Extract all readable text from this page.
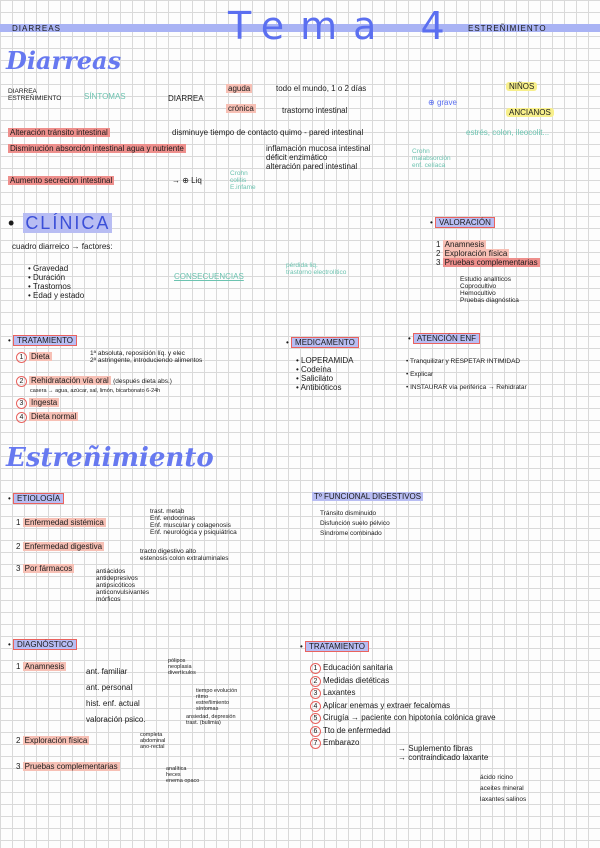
DIARREAS	Tema 4 ESTREÑIMIENTO
Diarreas
DIARREA ESTREÑIMIENTO	SÍNTOMAS	DIARREA
aguda	todo el mundo, 1 o 2 días
crónica	trastorno intestinal
⊕ grave
NIÑOS
ANCIANOS
Alteración tránsito intestinal	disminuye tiempo de contacto quimo - pared intestinal	estrés, colon, ileocolit...
Disminución absorción intestinal agua y nutriente	inflamación mucosa intestinal
déficit enzimático
alteración pared intestinal
Crohn
malabsorción
enf. celíaca
Aumento secreción intestinal	→ ⊕ Liq
Crohn
colitis
E.infame
• CLÍNICA
cuadro diarreico → factores:
• Gravedad
• Duración
• Trastornos
• Edad y estado
CONSECUENCIAS
pérdida liq.
trastorno electrolítico
• VALORACIÓN
1 Anamnesis
2 Exploración física
3 Pruebas complementarias
Estudio analíticos
Coprocultivo
Hemocultivo
Pruebas diagnóstica
• TRATAMIENTO
1 Dieta	1ª absoluta, reposición líq. y elec
2ª astringente, introduciendo alimentos
2 Rehidratación vía oral (después dieta abs.)
casera → agua, azúcar, sal, limón, bicarbonato 6-24h
3 Ingesta
4 Dieta normal
• MEDICAMENTO
• LOPERAMIDA
• Codeína
• Salicilato
• Antibióticos
• ATENCIÓN ENF
• Tranquilizar y RESPETAR INTIMIDAD
• Explicar
• INSTAURAR vía periférica → Rehidratar
Estreñimiento
• ETIOLOGÍA
1 Enfermedad sistémica
trast. metab
Enf. endocrinas
Enf. muscular y colagenosis
Enf. neurológica y psiquiátrica
2 Enfermedad digestiva
tracto digestivo alto
estenosis colon extraluminales
3 Por fármacos	antiácidos
antidepresivos
antipsicóticos
anticonvulsivantes
mórficos
Tº FUNCIONAL DIGESTIVOS
Tránsito disminuido
Disfunción suelo pélvico
Síndrome combinado
• DIAGNÓSTICO
1 Anamnesis
ant. familiar
ant. personal
hist. enf. actual
valoración psico.
pólipos
neoplasia
divertículos
tiempo evolución
ritmo
estreñimiento
síntomas
ansiedad, depresión
trast. (bulimia)
2 Exploración física
completa
abdominal
ano-rectal
3 Pruebas complementarias	analítica
heces
enema opaco
• TRATAMIENTO
1 Educación sanitaria
2 Medidas dietéticas
3 Laxantes
4 Aplicar enemas y extraer fecalomas
5 Cirugía → paciente con hipotonía colónica grave
6 Tto de enfermedad
7 Embarazo
→ Suplemento fibras
→ contraindicado laxante
ácido ricino
aceites mineral
laxantes salinos
